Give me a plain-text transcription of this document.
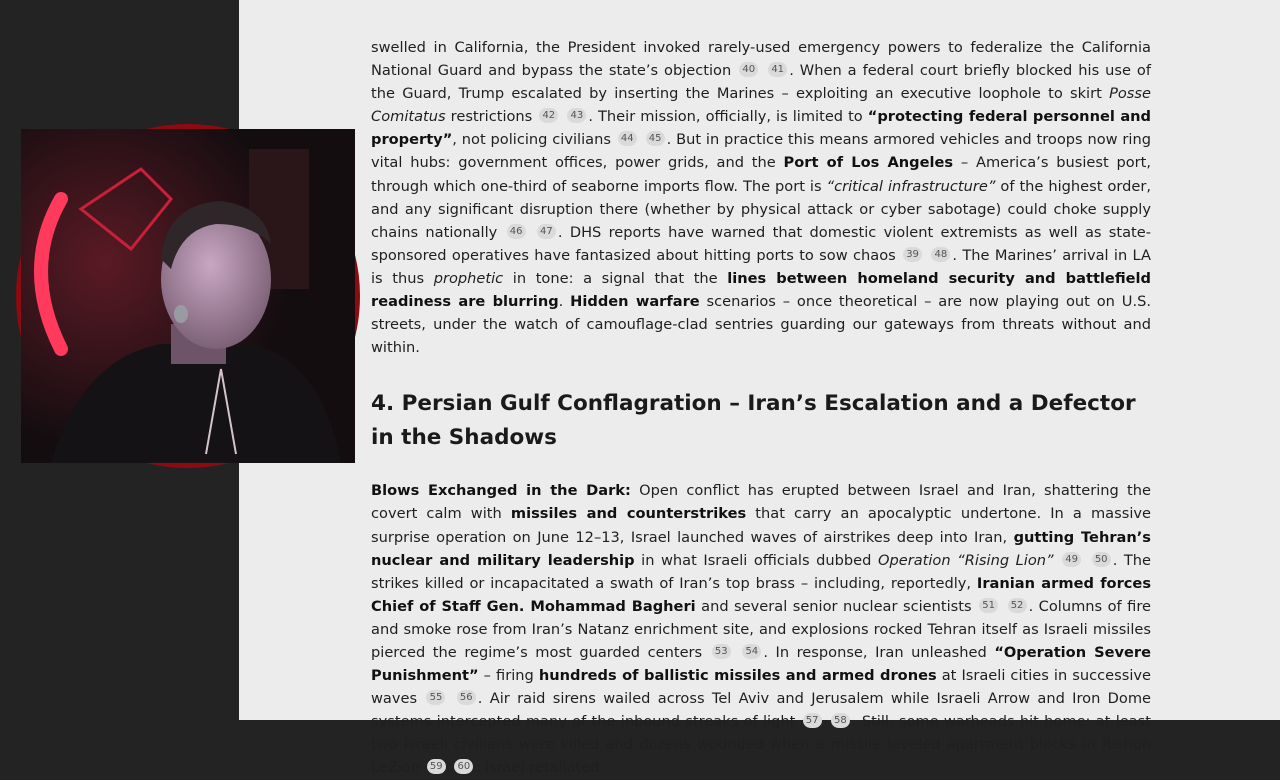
swelled in California, the President invoked rarely-used emergency powers to federalize the California National Guard and bypass the state’s objection 40 41 . When a federal court briefly blocked his use of the Guard, Trump escalated by inserting the Marines – exploiting an executive loophole to skirt Posse Comitatus restrictions 42 43 . Their mission, officially, is limited to “protecting federal personnel and property”, not policing civilians 44 45 . But in practice this means armored vehicles and troops now ring vital hubs: government offices, power grids, and the Port of Los Angeles – America’s busiest port, through which one-third of seaborne imports flow. The port is “critical infrastructure” of the highest order, and any significant disruption there (whether by physical attack or cyber sabotage) could choke supply chains nationally 46 47 . DHS reports have warned that domestic violent extremists as well as state-sponsored operatives have fantasized about hitting ports to sow chaos 39 48 . The Marines’ arrival in LA is thus prophetic in tone: a signal that the lines between homeland security and battlefield readiness are blurring. Hidden warfare scenarios – once theoretical – are now playing out on U.S. streets, under the watch of camouflage-clad sentries guarding our gateways from threats without and within.

4. Persian Gulf Conflagration – Iran’s Escalation and a Defector in the Shadows

Blows Exchanged in the Dark: Open conflict has erupted between Israel and Iran, shattering the covert calm with missiles and counterstrikes that carry an apocalyptic undertone. In a massive surprise operation on June 12–13, Israel launched waves of airstrikes deep into Iran, gutting Tehran’s nuclear and military leadership in what Israeli officials dubbed Operation “Rising Lion” 49 50 . The strikes killed or incapacitated a swath of Iran’s top brass – including, reportedly, Iranian armed forces Chief of Staff Gen. Mohammad Bagheri and several senior nuclear scientists 51 52 . Columns of fire and smoke rose from Iran’s Natanz enrichment site, and explosions rocked Tehran itself as Israeli missiles pierced the regime’s most guarded centers 53 54 . In response, Iran unleashed “Operation Severe Punishment” – firing hundreds of ballistic missiles and armed drones at Israeli cities in successive waves 55 56 . Air raid sirens wailed across Tel Aviv and Jerusalem while Israeli Arrow and Iron Dome systems intercepted many of the inbound streaks of light 57 58 . Still, some warheads hit home: at least two Israeli civilians were killed and dozens wounded when a missile leveled apartment blocks in Rishon LeZion 59 60 . Israel retaliated
